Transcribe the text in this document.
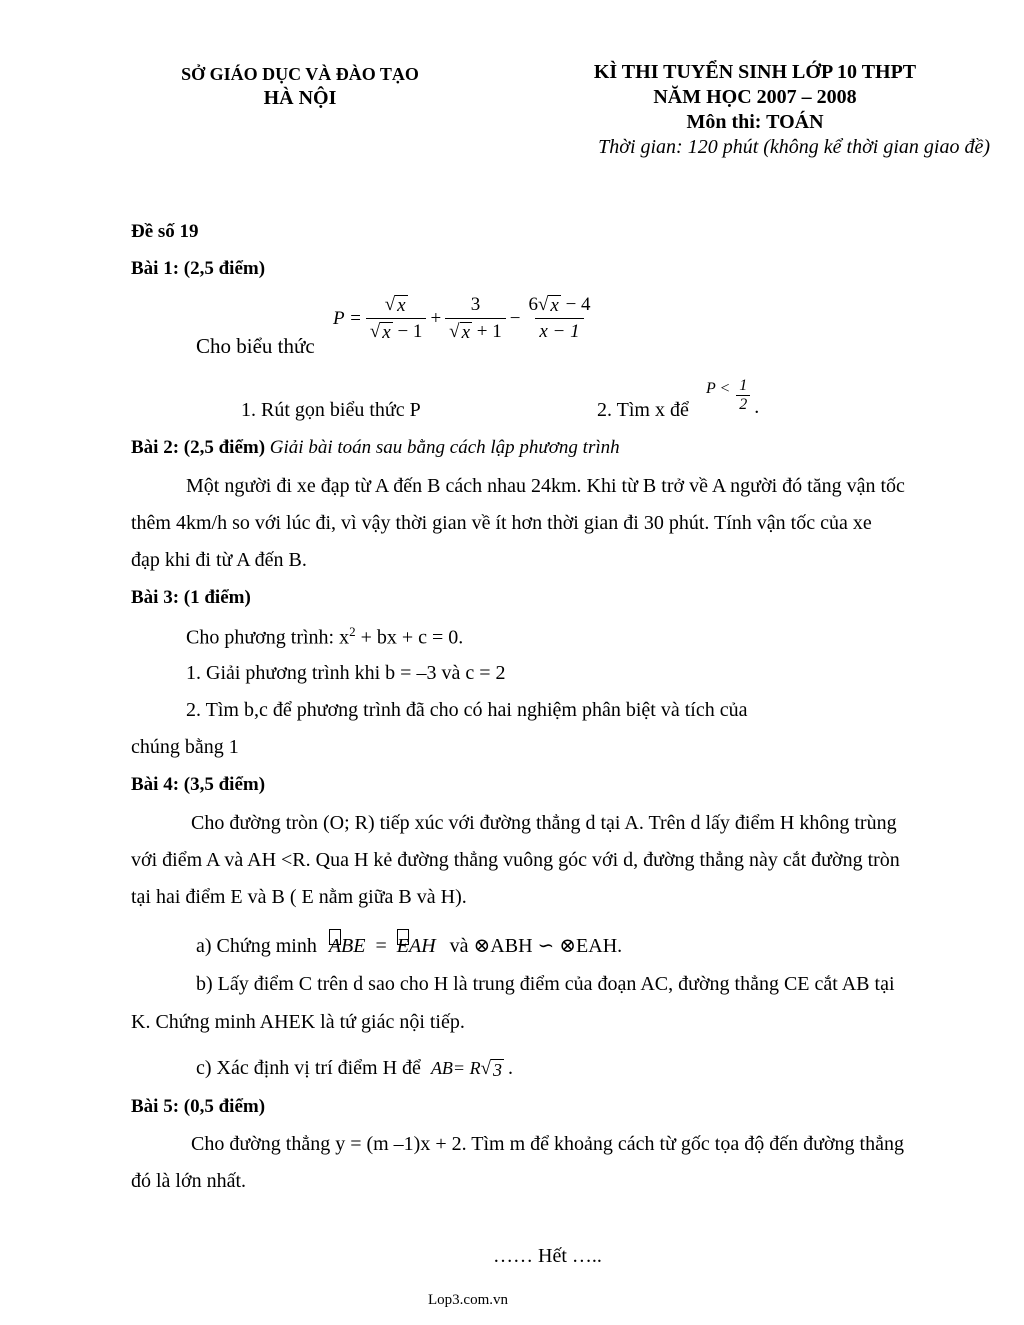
SỞ GIÁO DỤC VÀ ĐÀO TẠO
HÀ NỘI
KÌ THI TUYỂN SINH LỚP 10 THPT
NĂM HỌC 2007 – 2008
Môn thi: TOÁN
Thời gian: 120 phút (không kể thời gian giao đề)
Đề số 19
Bài 1: (2,5 điểm)
Cho biểu thức
$P = \frac{√ x}{√ x - 1} + \frac{3}{√ x + 1} - \frac{6 √ x - 4}{x - 1}$
1. Rút gọn biểu thức P	2. Tìm x để
$P < \frac{1}{2}$ .
Bài 2: (2,5 điểm) Giải bài toán sau bằng cách lập phương trình
Một người đi xe đạp từ A đến B cách nhau 24km. Khi từ B trở về A người đó tăng vận tốc
thêm 4km/h so với lúc đi, vì vậy thời gian về ít hơn thời gian đi 30 phút. Tính vận tốc của xe
đạp khi đi từ A đến B.
Bài 3: (1 điểm)
Cho phương trình: $x^2$ + bx + c = 0.
1. Giải phương trình khi b = –3 và c = 2
2. Tìm b,c để phương trình đã cho có hai nghiệm phân biệt và tích của
chúng bằng 1
Bài 4: (3,5 điểm)
Cho đường tròn (O; R) tiếp xúc với đường thẳng d tại A. Trên d lấy điểm H không trùng
với điểm A và AH <R. Qua H kẻ đường thẳng vuông góc với d, đường thẳng này cắt đường tròn
tại hai điểm E và B ( E nằm giữa B và H).
a) Chứng minh ABE = EAH và ⊗ABH ∽ ⊗EAH.
b) Lấy điểm C trên d sao cho H là trung điểm của đoạn AC, đường thẳng CE cắt AB tại
K. Chứng minh AHEK là tứ giác nội tiếp.
c) Xác định vị trí điểm H để AB= R √ 3 .
Bài 5: (0,5 điểm)
Cho đường thẳng y = (m –1)x + 2. Tìm m để khoảng cách từ gốc tọa độ đến đường thẳng
đó là lớn nhất.
…… Hết …..
Lop3.com.vn
